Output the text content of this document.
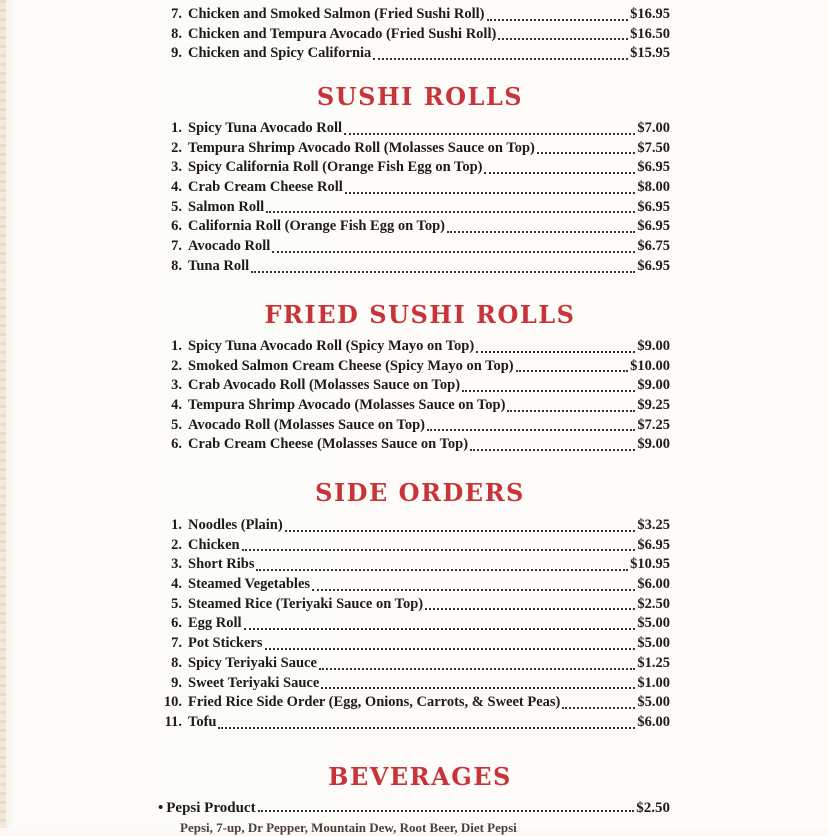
7. Chicken and Smoked Salmon (Fried Sushi Roll)	$16.95
8. Chicken and Tempura Avocado (Fried Sushi Roll)	$16.50
9. Chicken and Spicy California	$15.95
SUSHI ROLLS
1. Spicy Tuna Avocado Roll	$7.00
2. Tempura Shrimp Avocado Roll (Molasses Sauce on Top)	$7.50
3. Spicy California Roll (Orange Fish Egg on Top)	$6.95
4. Crab Cream Cheese Roll	$8.00
5. Salmon Roll	$6.95
6. California Roll (Orange Fish Egg on Top)	$6.95
7. Avocado Roll	$6.75
8. Tuna Roll	$6.95
FRIED SUSHI ROLLS
1. Spicy Tuna Avocado Roll (Spicy Mayo on Top)	$9.00
2. Smoked Salmon Cream Cheese (Spicy Mayo on Top)	$10.00
3. Crab Avocado Roll (Molasses Sauce on Top)	$9.00
4. Tempura Shrimp Avocado (Molasses Sauce on Top)	$9.25
5. Avocado Roll (Molasses Sauce on Top)	$7.25
6. Crab Cream Cheese (Molasses Sauce on Top)	$9.00
SIDE ORDERS
1. Noodles (Plain)	$3.25
2. Chicken	$6.95
3. Short Ribs	$10.95
4. Steamed Vegetables	$6.00
5. Steamed Rice (Teriyaki Sauce on Top)	$2.50
6. Egg Roll	$5.00
7. Pot Stickers	$5.00
8. Spicy Teriyaki Sauce	$1.25
9. Sweet Teriyaki Sauce	$1.00
10. Fried Rice Side Order (Egg, Onions, Carrots, & Sweet Peas)	$5.00
11. Tofu	$6.00
BEVERAGES
• Pepsi Product	$2.50
Pepsi, 7-up, Dr Pepper, Mountain Dew, Root Beer, Diet Pepsi
